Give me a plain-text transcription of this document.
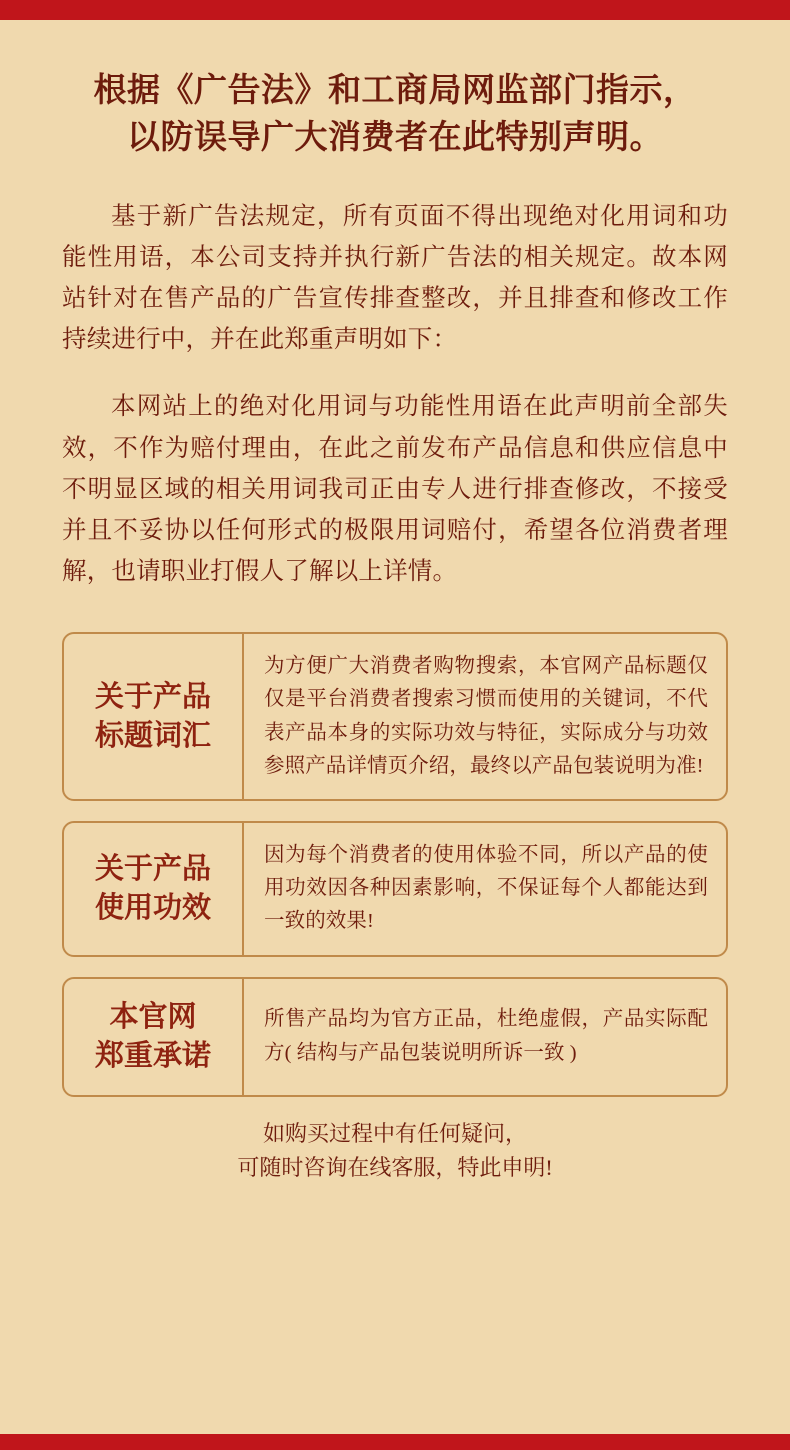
根据《广告法》和工商局网监部门指示，
以防误导广大消费者在此特别声明。

基于新广告法规定，所有页面不得出现绝对化用词和功能性用语，本公司支持并执行新广告法的相关规定。故本网站针对在售产品的广告宣传排查整改，并且排查和修改工作持续进行中，并在此郑重声明如下：

本网站上的绝对化用词与功能性用语在此声明前全部失效，不作为赔付理由，在此之前发布产品信息和供应信息中不明显区域的相关用词我司正由专人进行排查修改，不接受并且不妥协以任何形式的极限用词赔付，希望各位消费者理解，也请职业打假人了解以上详情。

关于产品
标题词汇

为方便广大消费者购物搜索，本官网产品标题仅仅是平台消费者搜索习惯而使用的关键词，不代表产品本身的实际功效与特征，实际成分与功效参照产品详情页介绍，最终以产品包装说明为准!

关于产品
使用功效

因为每个消费者的使用体验不同，所以产品的使用功效因各种因素影响，不保证每个人都能达到一致的效果!

本官网
郑重承诺

所售产品均为官方正品，杜绝虚假，产品实际配方( 结构与产品包装说明所诉一致 )

如购买过程中有任何疑问，
可随时咨询在线客服，特此申明!
